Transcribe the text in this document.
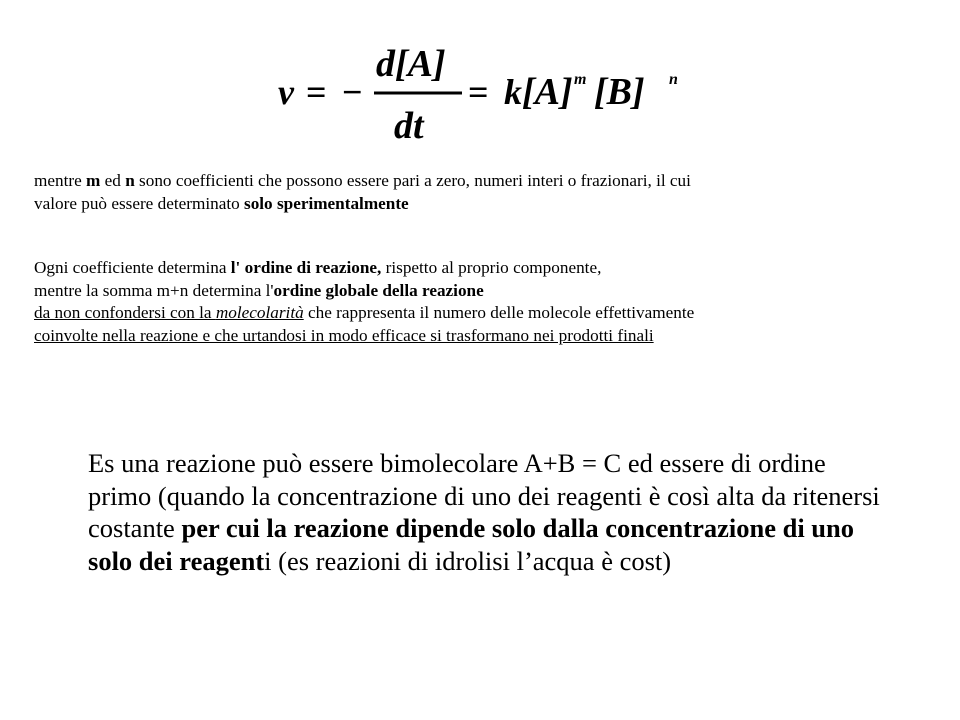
v = −
d[A]
dt
= k [A] m [B] n

mentre m ed n sono coefficienti che possono essere pari a zero, numeri interi o frazionari, il cui
valore può essere determinato solo sperimentalmente

Ogni coefficiente determina l' ordine di reazione, rispetto al proprio componente,
mentre la somma m+n determina l'ordine globale della reazione
da non confondersi con la molecolarità che rappresenta il numero delle molecole effettivamente
coinvolte nella reazione e che urtandosi in modo efficace si trasformano nei prodotti finali

Es una reazione può essere bimolecolare A+B = C ed essere di ordine primo (quando la concentrazione di uno dei reagenti è così alta da ritenersi costante per cui la reazione dipende solo dalla concentrazione di uno solo dei reagenti (es reazioni di idrolisi l’acqua è cost)
